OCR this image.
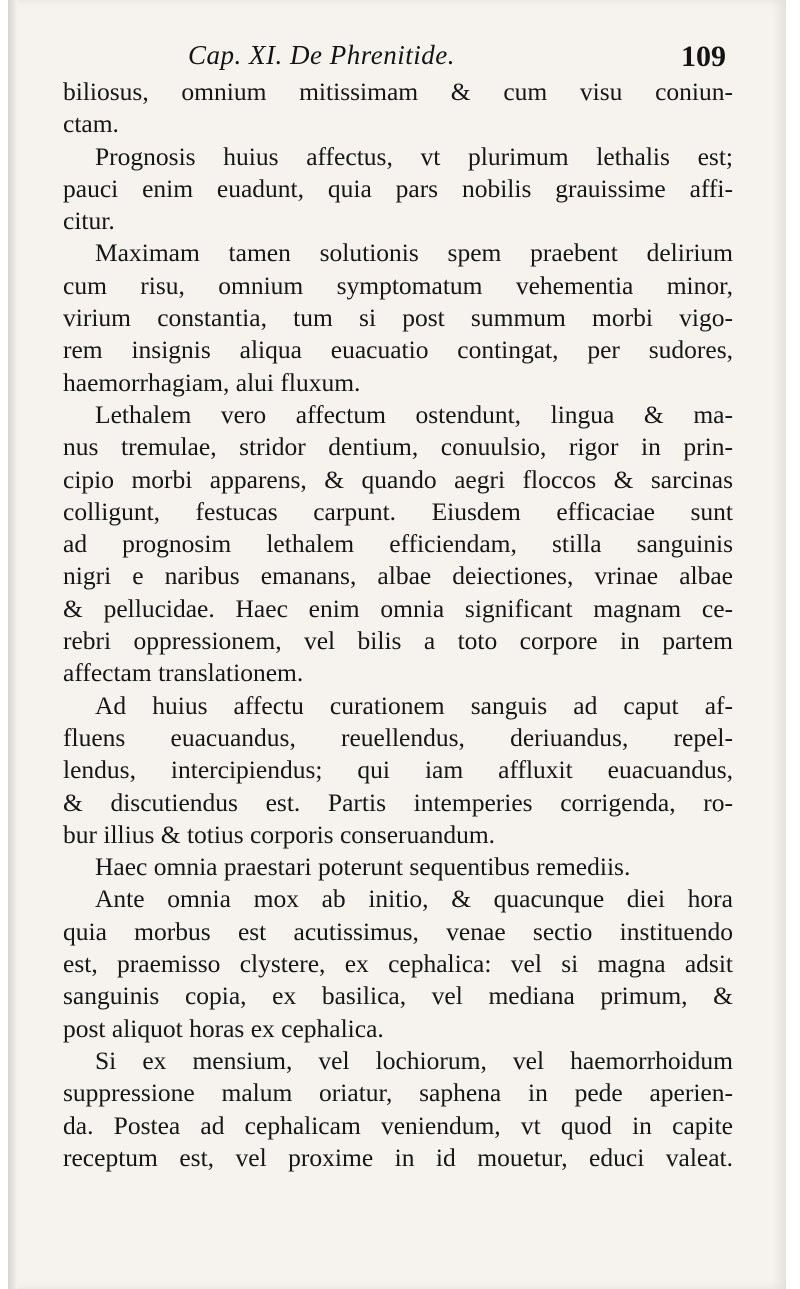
Cap. XI. De Phrenitide.	109
biliosus, omnium mitissimam & cum visu coniun-
ctam.
Prognosis huius affectus, vt plurimum lethalis est;
pauci enim euadunt, quia pars nobilis grauissime affi-
citur.
Maximam tamen solutionis spem praebent delirium
cum risu, omnium symptomatum vehementia minor,
virium constantia, tum si post summum morbi vigo-
rem insignis aliqua euacuatio contingat, per sudores,
haemorrhagiam, alui fluxum.
Lethalem vero affectum ostendunt, lingua & ma-
nus tremulae, stridor dentium, conuulsio, rigor in prin-
cipio morbi apparens, & quando aegri floccos & sarcinas
colligunt, festucas carpunt. Eiusdem efficaciae sunt
ad prognosim lethalem efficiendam, stilla sanguinis
nigri e naribus emanans, albae deiectiones, vrinae albae
& pellucidae. Haec enim omnia significant magnam ce-
rebri oppressionem, vel bilis a toto corpore in partem
affectam translationem.
Ad huius affectu curationem sanguis ad caput af-
fluens euacuandus, reuellendus, deriuandus, repel-
lendus, intercipiendus; qui iam affluxit euacuandus,
& discutiendus est. Partis intemperies corrigenda, ro-
bur illius & totius corporis conseruandum.
Haec omnia praestari poterunt sequentibus remediis.
Ante omnia mox ab initio, & quacunque diei hora
quia morbus est acutissimus, venae sectio instituendo
est, praemisso clystere, ex cephalica: vel si magna adsit
sanguinis copia, ex basilica, vel mediana primum, &
post aliquot horas ex cephalica.
Si ex mensium, vel lochiorum, vel haemorrhoidum
suppressione malum oriatur, saphena in pede aperien-
da. Postea ad cephalicam veniendum, vt quod in capite
receptum est, vel proxime in id mouetur, educi valeat.
